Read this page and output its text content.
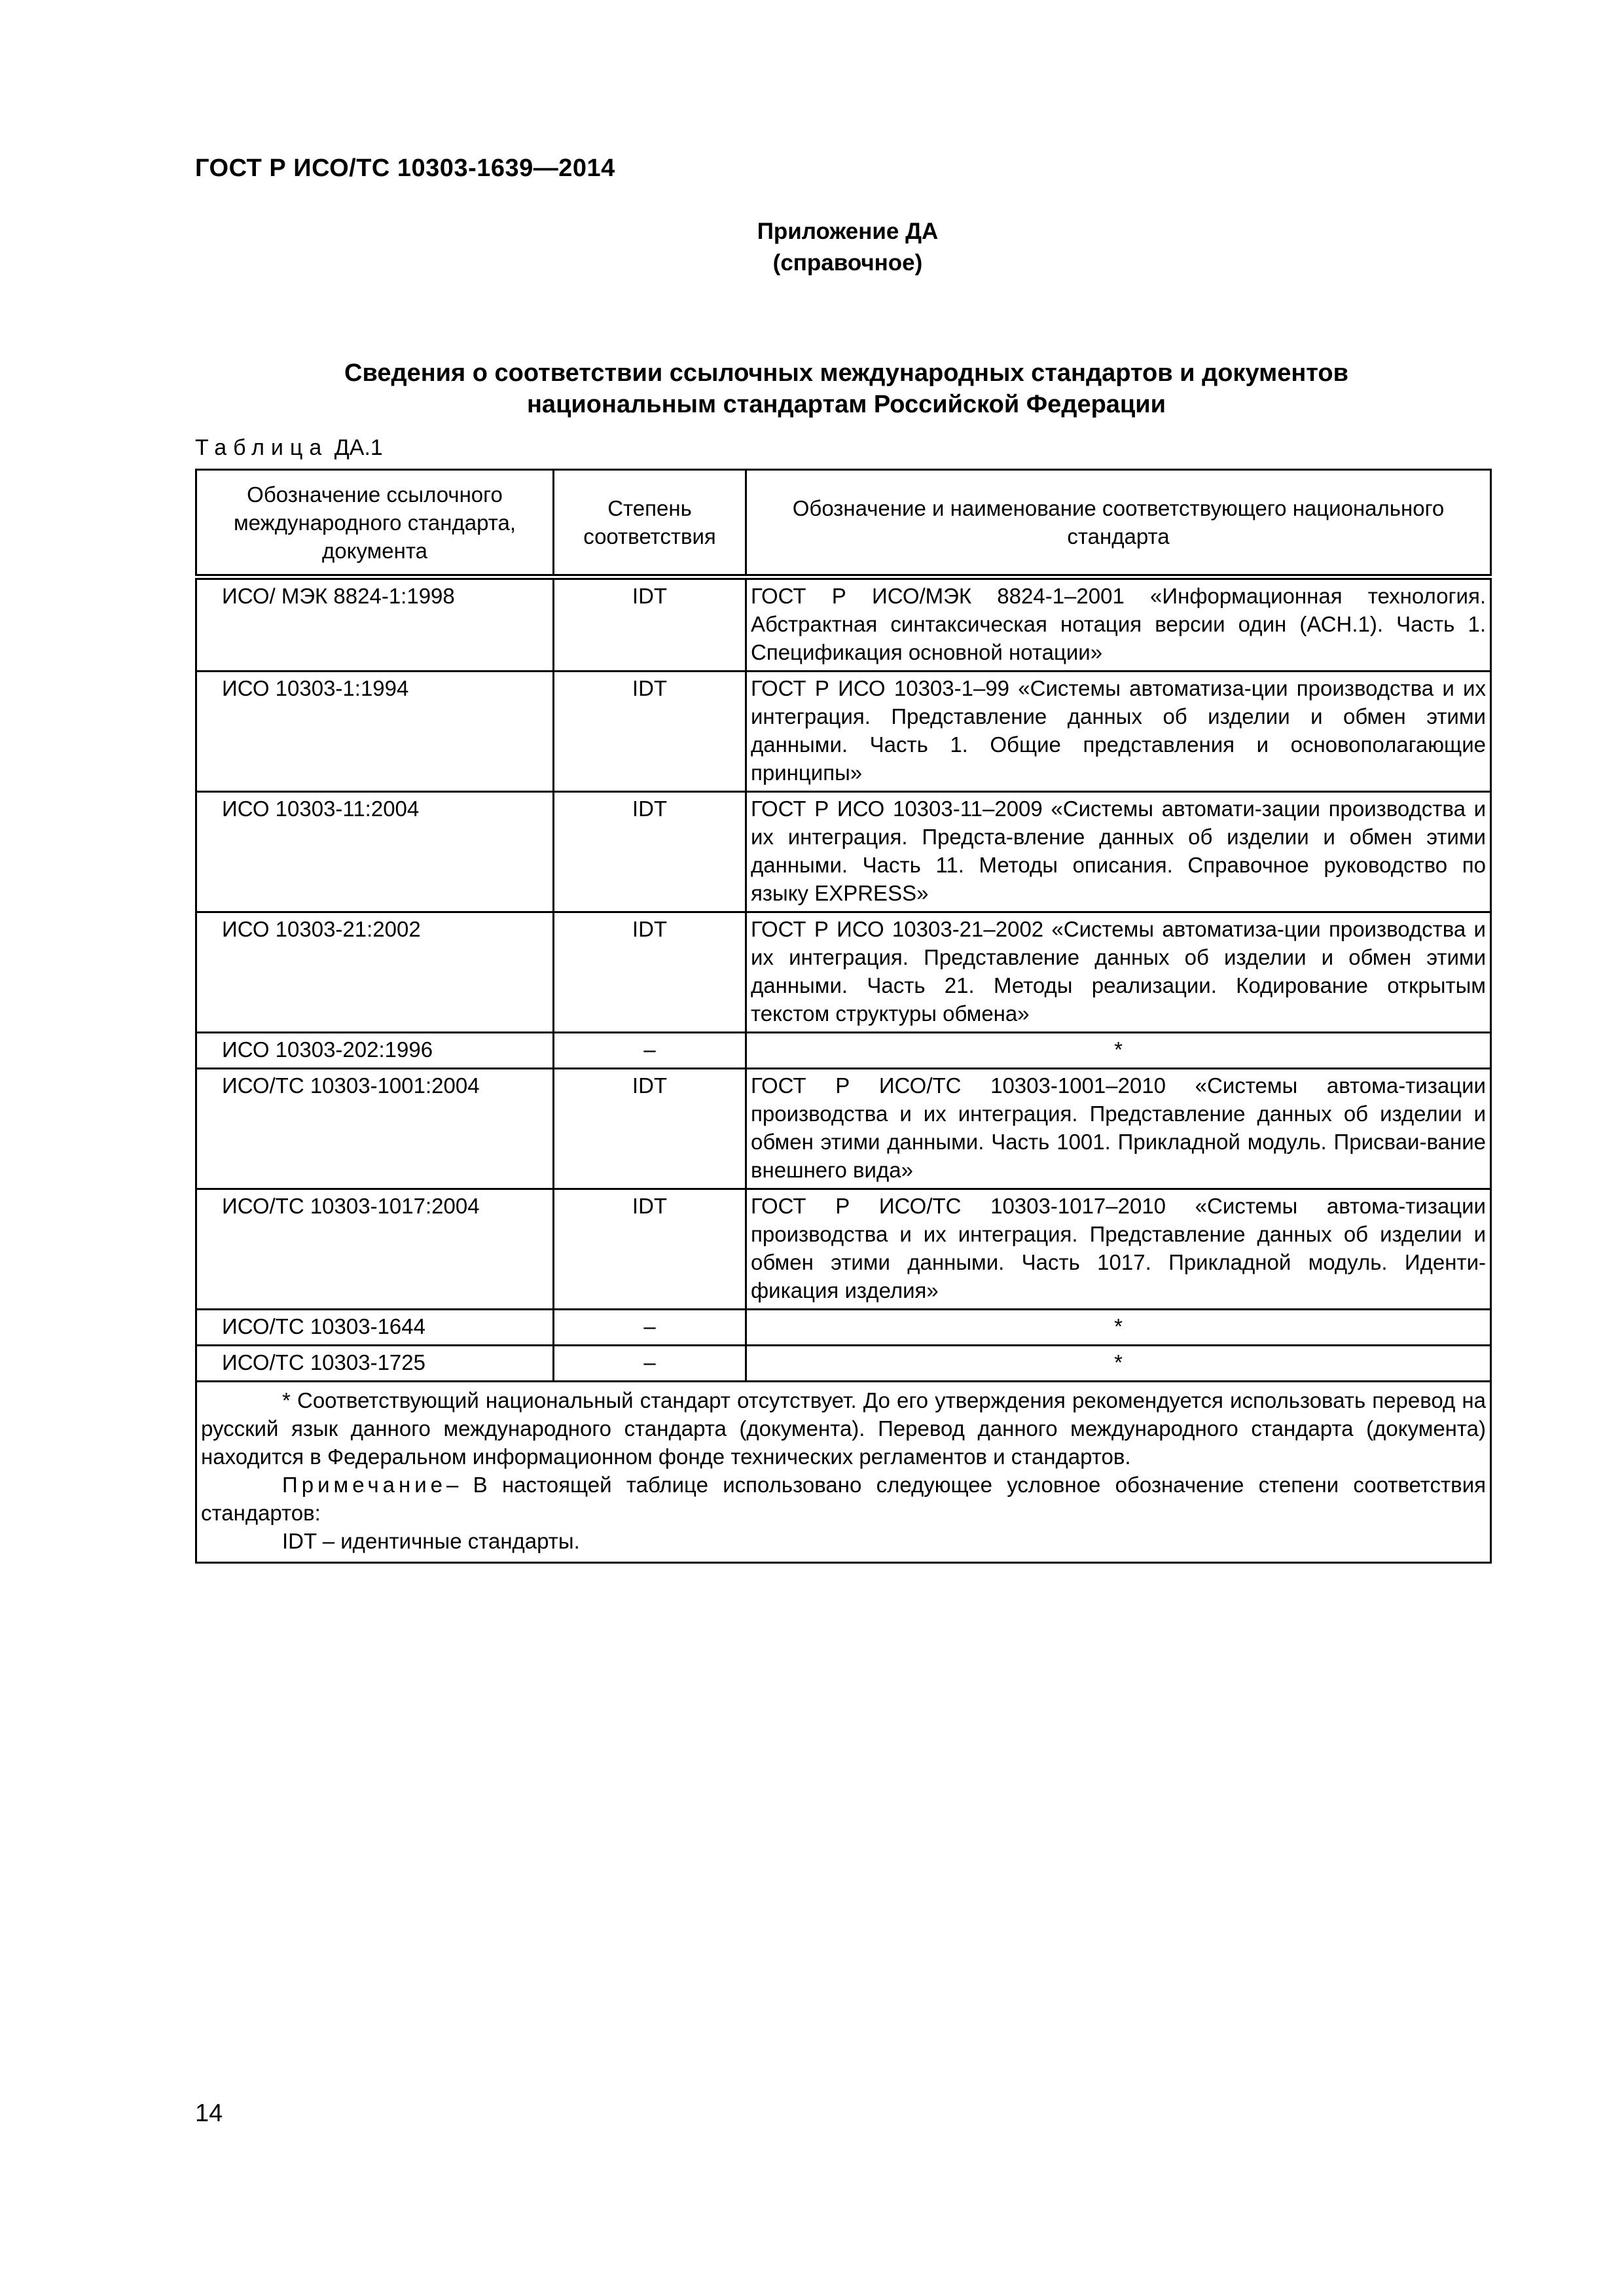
ГОСТ Р ИСО/ТС 10303-1639—2014
Приложение ДА
(справочное)
Сведения о соответствии ссылочных международных стандартов и документов
национальным стандартам Российской Федерации
Таблица ДА.1
Обозначение ссылочного международного стандарта, документа	Степень соответствия	Обозначение и наименование соответствующего национального стандарта
ИСО/ МЭК 8824-1:1998	IDT	ГОСТ Р ИСО/МЭК 8824-1–2001 «Информационная технология. Абстрактная синтаксическая нотация версии один (АСН.1). Часть 1. Спецификация основной нотации»
ИСО 10303-1:1994	IDT	ГОСТ Р ИСО 10303-1–99 «Системы автоматиза-ции производства и их интеграция. Представление данных об изделии и обмен этими данными. Часть 1. Общие представления и основополагающие принципы»
ИСО 10303-11:2004	IDT	ГОСТ Р ИСО 10303-11–2009 «Системы автомати-зации производства и их интеграция. Предста-вление данных об изделии и обмен этими данными. Часть 11. Методы описания. Справочное руководство по языку EXPRESS»
ИСО 10303-21:2002	IDT	ГОСТ Р ИСО 10303-21–2002 «Системы автоматиза-ции производства и их интеграция. Представление данных об изделии и обмен этими данными. Часть 21. Методы реализации. Кодирование открытым текстом структуры обмена»
ИСО 10303-202:1996	–	*
ИСО/ТС 10303-1001:2004	IDT	ГОСТ Р ИСО/ТС 10303-1001–2010 «Системы автома-тизации производства и их интеграция. Представление данных об изделии и обмен этими данными. Часть 1001. Прикладной модуль. Присваи-вание внешнего вида»
ИСО/ТС 10303-1017:2004	IDT	ГОСТ Р ИСО/ТС 10303-1017–2010 «Системы автома-тизации производства и их интеграция. Представление данных об изделии и обмен этими данными. Часть 1017. Прикладной модуль. Иденти-фикация изделия»
ИСО/ТС 10303-1644	–	*
ИСО/ТС 10303-1725	–	*

* Соответствующий национальный стандарт отсутствует. До его утверждения рекомендуется использовать перевод на русский язык данного международного стандарта (документа). Перевод данного международного стандарта (документа) находится в Федеральном информационном фонде технических регламентов и стандартов.

Примечание– В настоящей таблице использовано следующее условное обозначение степени соответствия стандартов:

IDT – идентичные стандарты.		

14
